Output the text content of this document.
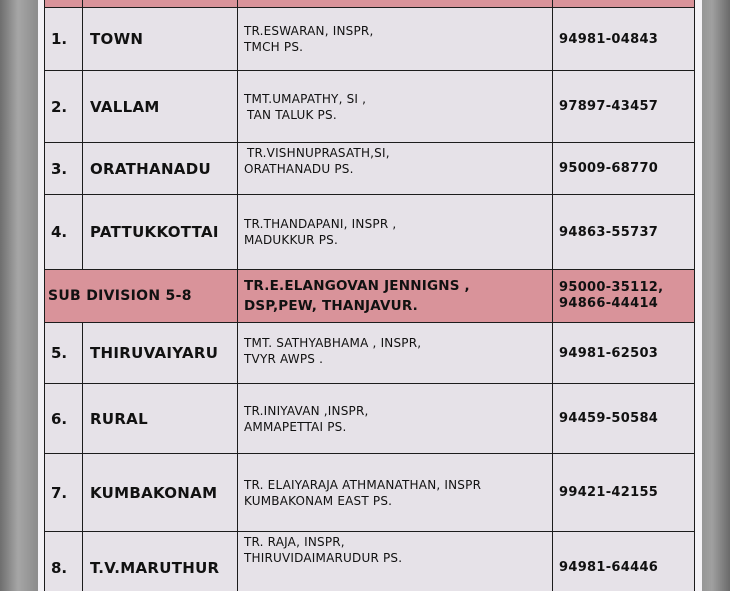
1.	TOWN	TR.ESWARAN, INSPR,
TMCH PS.	94981-04843
2.	VALLAM	TMT.UMAPATHY, SI ,
TAN TALUK PS.	97897-43457
3.	ORATHANADU	TR.VISHNUPRASATH,SI,
ORATHANADU PS.	95009-68770
4.	PATTUKKOTTAI	TR.THANDAPANI, INSPR ,
MADUKKUR PS.	94863-55737
SUB DIVISION 5-8		TR.E.ELANGOVAN JENNIGNS ,
DSP,PEW, THANJAVUR.	95000-35112,
94866-44414

5.	THIRUVAIYARU	TMT. SATHYABHAMA , INSPR,
TVYR AWPS .	94981-62503
6.	RURAL	TR.INIYAVAN ,INSPR,
AMMAPETTAI PS.	94459-50584
7.	KUMBAKONAM	TR. ELAIYARAJA ATHMANATHAN, INSPR
KUMBAKONAM EAST PS.	99421-42155
8.	T.V.MARUTHUR	TR. RAJA, INSPR,
THIRUVIDAIMARUDUR PS.	94981-64446
